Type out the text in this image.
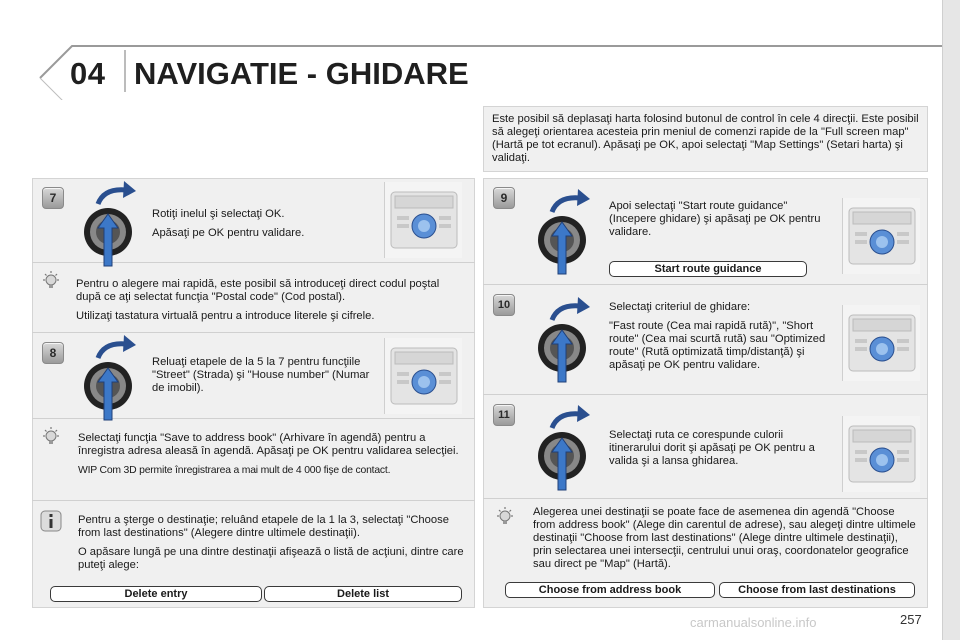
04 NAVIGATIE - GHIDARE
Este posibil să deplasaţi harta folosind butonul de control în cele 4 direcţii. Este posibil să alegeţi orientarea acesteia prin meniul de comenzi rapide de la "Full screen map" (Hartă pe tot ecranul). Apăsaţi pe OK, apoi selectaţi "Map Settings" (Setari harta) şi validaţi.
7

Rotiţi inelul şi selectaţi OK.

Apăsaţi pe OK pentru validare.

Pentru o alegere mai rapidă, este posibil să introduceţi direct codul poştal după ce aţi selectat funcţia "Postal code" (Cod postal).

Utilizaţi tastatura virtuală pentru a introduce literele şi cifrele.

8
Reluaţi etapele de la 5 la 7 pentru funcţiile "Street" (Strada) şi "House number" (Numar de imobil).

Selectaţi funcţia "Save to address book" (Arhivare în agendă) pentru a înregistra adresa aleasă în agendă. Apăsaţi pe OK pentru validarea selecţiei.

WIP Com 3D permite înregistrarea a mai mult de 4 000 fişe de contact.

Pentru a şterge o destinaţie; reluând etapele de la 1 la 3, selectaţi "Choose from last destinations" (Alegere dintre ultimele destinaţii).

O apăsare lungă pe una dintre destinaţii afişează o listă de acţiuni, dintre care puteţi alege:

Delete entry	Delete list
9
Apoi selectaţi "Start route guidance" (Incepere ghidare) şi apăsaţi pe OK pentru validare.
Start route guidance
10	Selectaţi criteriul de ghidare:

"Fast route (Cea mai rapidă rută)", "Short route" (Cea mai scurtă rută) sau "Optimized route" (Rută optimizată timp/distanţă) şi apăsaţi pe OK pentru validare.

11
Selectaţi ruta ce corespunde culorii itinerarului dorit şi apăsaţi pe OK pentru a valida şi a lansa ghidarea.
Alegerea unei destinaţii se poate face de asemenea din agendă "Choose from address book" (Alege din carentul de adrese), sau alegeţi dintre ultimele destinaţii "Choose from last destinations" (Alege dintre ultimele destinaţii), prin selectarea unei intersecţii, centrului unui oraş, coordonatelor geografice sau direct pe "Map" (Hartă).
Choose from address book	Choose from last destinations
carmanualsonline.info	257
